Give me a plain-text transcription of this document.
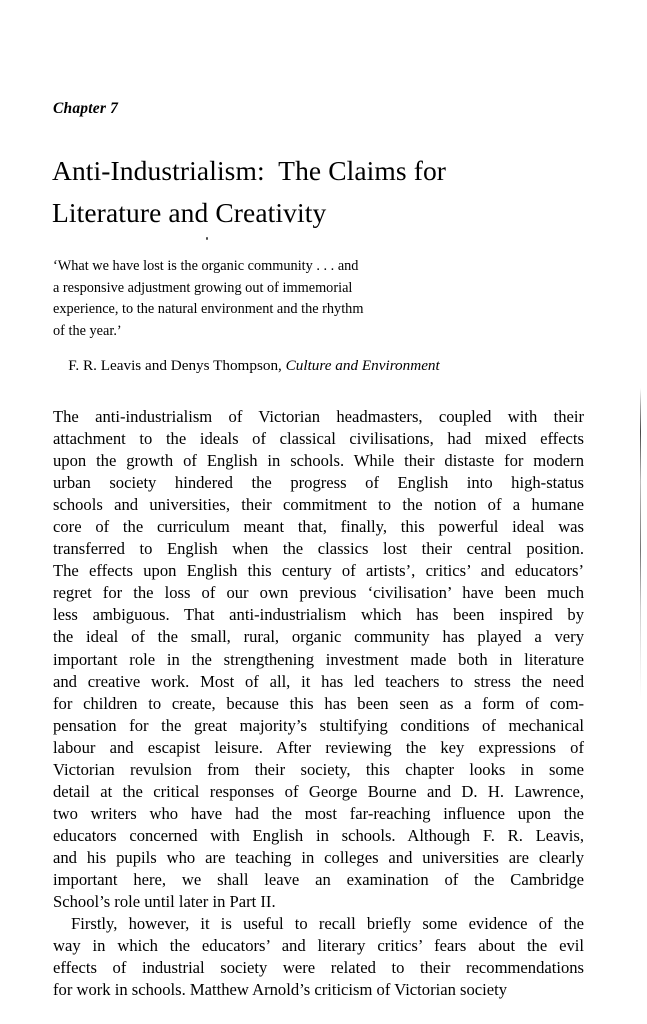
Chapter 7
Anti-Industrialism:  The Claims for
Literature and Creativity
‘What we have lost is the organic community . . . and
a responsive adjustment growing out of immemorial
experience, to the natural environment and the rhythm
of the year.’

F. R. Leavis and Denys Thompson, Culture and Environment

The anti-industrialism of Victorian headmasters, coupled with their
attachment to the ideals of classical civilisations, had mixed effects
upon the growth of English in schools. While their distaste for modern
urban society hindered the progress of English into high-status
schools and universities, their commitment to the notion of a humane
core of the curriculum meant that, finally, this powerful ideal was
transferred to English when the classics lost their central position.
The effects upon English this century of artists’, critics’ and educators’
regret for the loss of our own previous ‘civilisation’ have been much
less ambiguous. That anti-industrialism which has been inspired by
the ideal of the small, rural, organic community has played a very
important role in the strengthening investment made both in literature
and creative work. Most of all, it has led teachers to stress the need
for children to create, because this has been seen as a form of com-
pensation for the great majority’s stultifying conditions of mechanical
labour and escapist leisure. After reviewing the key expressions of
Victorian revulsion from their society, this chapter looks in some
detail at the critical responses of George Bourne and D. H. Lawrence,
two writers who have had the most far-reaching influence upon the
educators concerned with English in schools. Although F. R. Leavis,
and his pupils who are teaching in colleges and universities are clearly
important here, we shall leave an examination of the Cambridge
School’s role until later in Part II.

Firstly, however, it is useful to recall briefly some evidence of the
way in which the educators’ and literary critics’ fears about the evil
effects of industrial society were related to their recommendations
for work in schools. Matthew Arnold’s criticism of Victorian society
